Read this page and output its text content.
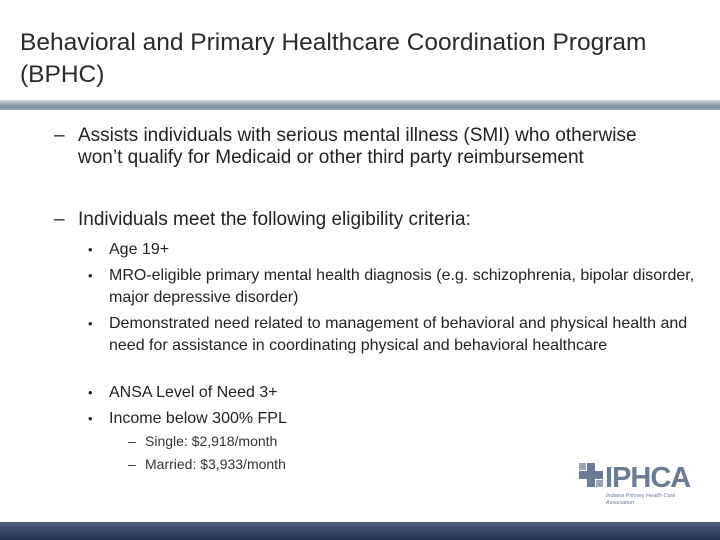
Behavioral and Primary Healthcare Coordination Program (BPHC)
– Assists individuals with serious mental illness (SMI) who otherwise won’t qualify for Medicaid or other third party reimbursement
– Individuals meet the following eligibility criteria:
•	Age 19+
•	MRO-eligible primary mental health diagnosis (e.g. schizophrenia, bipolar disorder, major depressive disorder)
•	Demonstrated need related to management of behavioral and physical health and need for assistance in coordinating physical and behavioral healthcare
•	ANSA Level of Need 3+
•	Income below 300% FPL
– Single: $2,918/month
– Married: $3,933/month	IPHCA
Indiana Primary Health Care Association
